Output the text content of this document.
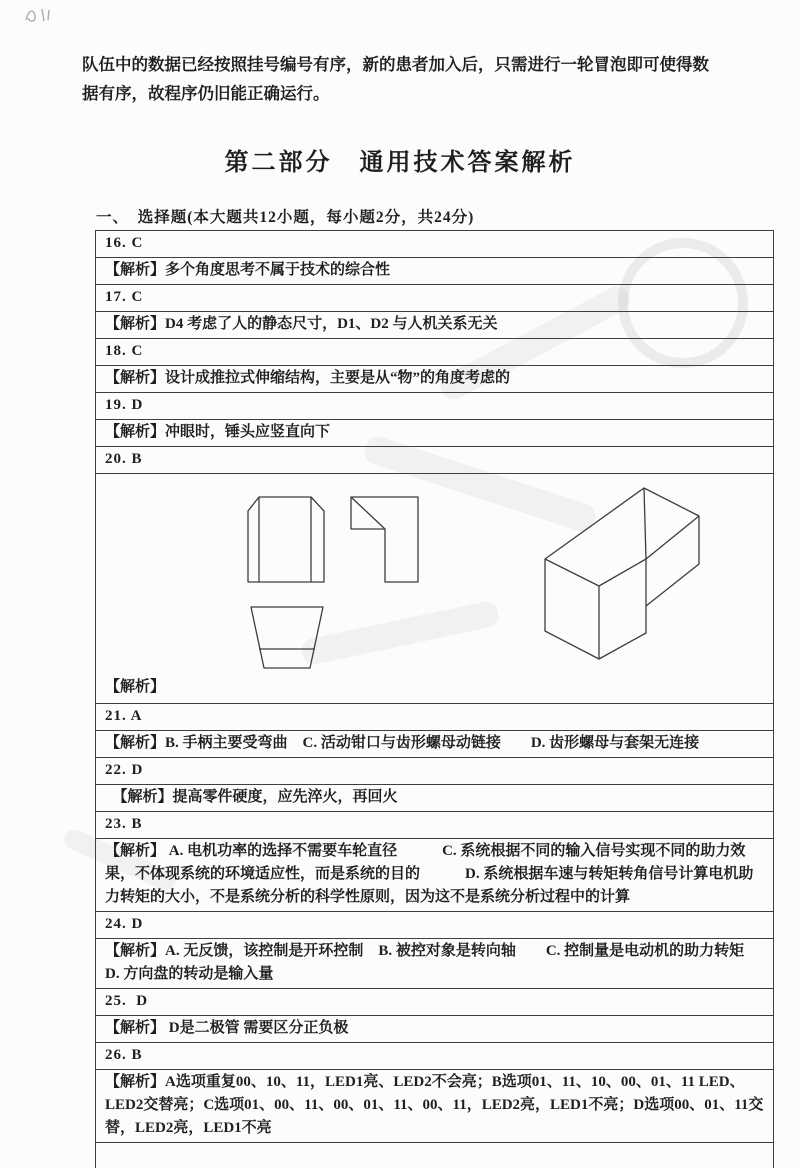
队伍中的数据已经按照挂号编号有序，新的患者加入后，只需进行一轮冒泡即可使得数据有序，故程序仍旧能正确运行。

第二部分　通用技术答案解析
一、　选择题(本大题共12小题，每小题2分，共24分)
16. C
【解析】多个角度思考不属于技术的综合性
17. C
【解析】D4 考虑了人的静态尺寸，D1、D2 与人机关系无关
18. C
【解析】设计成推拉式伸缩结构，主要是从“物”的角度考虑的
19. D
【解析】冲眼时，锤头应竖直向下
20. B

【解析】

21. A
【解析】B. 手柄主要受弯曲　C. 活动钳口与齿形螺母动链接　　D. 齿形螺母与套架无连接
22. D
　【解析】提高零件硬度，应先淬火，再回火
23. B
【解析】 A. 电机功率的选择不需要车轮直径　　　C. 系统根据不同的输入信号实现不同的助力效果，不体现系统的环境适应性，而是系统的目的　　　D. 系统根据车速与转矩转角信号计算电机助力转矩的大小，不是系统分析的科学性原则，因为这不是系统分析过程中的计算
24. D
【解析】A. 无反馈，该控制是开环控制　B. 被控对象是转向轴　　C. 控制量是电动机的助力转矩　D. 方向盘的转动是输入量
25.  D
【解析】 D是二极管 需要区分正负极
26. B
【解析】A选项重复00、10、11，LED1亮、LED2不会亮；B选项01、11、10、00、01、11 LED、LED2交替亮；C选项01、00、11、00、01、11、00、11，LED2亮，LED1不亮；D选项00、01、11交替，LED2亮，LED1不亮
